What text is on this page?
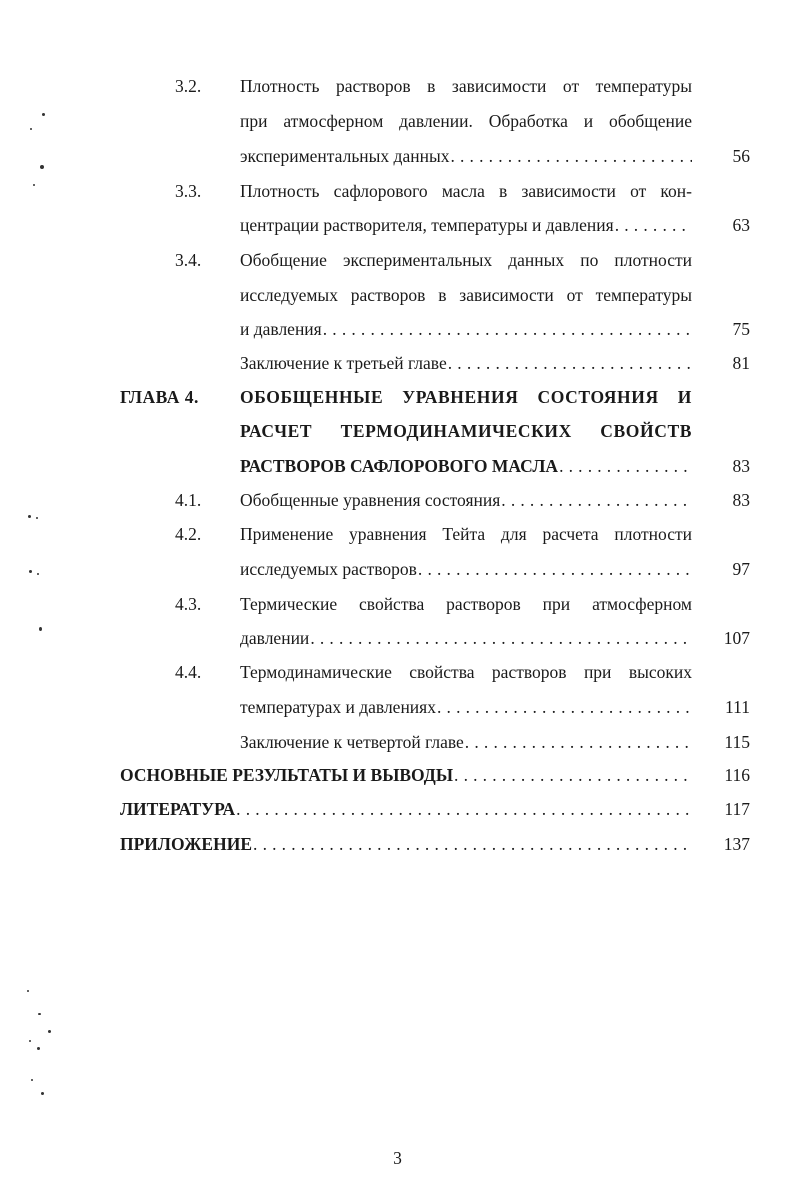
3.2. Плотность растворов в зависимости от температуры
при атмосферном давлении. Обработка и обобщение
экспериментальных данных . . .	56
3.3. Плотность сафлорового масла в зависимости от кон-
центрации растворителя, температуры и давления . . .	63
3.4. Обобщение экспериментальных данных по плотности
исследуемых растворов в зависимости от температуры
и давления . . .	75
Заключение к третьей главе . . .	81
ГЛАВА 4. ОБОБЩЕННЫЕ УРАВНЕНИЯ СОСТОЯНИЯ И
РАСЧЕТ ТЕРМОДИНАМИЧЕСКИХ СВОЙСТВ
РАСТВОРОВ САФЛОРОВОГО МАСЛА . . .	83
4.1. Обобщенные уравнения состояния . . .	83
4.2. Применение уравнения Тейта для расчета плотности
исследуемых растворов . . .	97
4.3. Термические свойства растворов при атмосферном
давлении . . .	107
4.4. Термодинамические свойства растворов при высоких
температурах и давлениях . . .	111
Заключение к четвертой главе . . .	115
ОСНОВНЫЕ РЕЗУЛЬТАТЫ И ВЫВОДЫ . . .	116
ЛИТЕРАТУРА . . .	117
ПРИЛОЖЕНИЕ . . .	137
3
